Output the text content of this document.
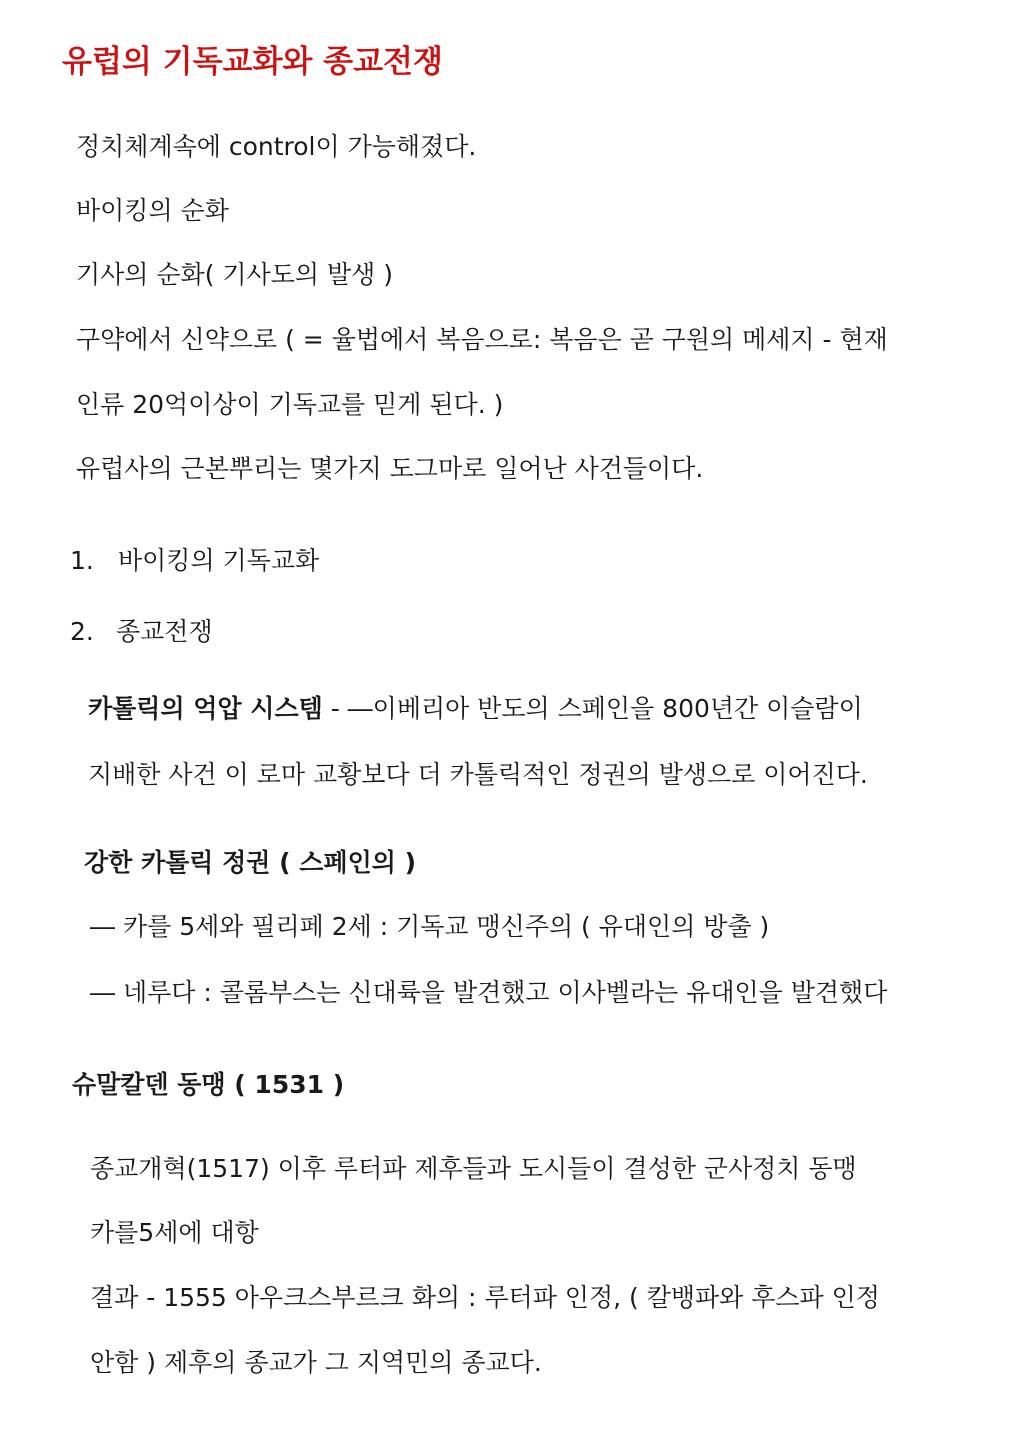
유럽의 기독교화와 종교전쟁
정치체계속에 control이 가능해졌다.
바이킹의 순화
기사의 순화( 기사도의 발생 )
구약에서 신약으로 ( = 율법에서 복음으로: 복음은 곧 구원의 메세지 - 현재
인류 20억이상이 기독교를 믿게 된다. )
유럽사의 근본뿌리는 몇가지 도그마로 일어난 사건들이다.
1. 바이킹의 기독교화
2. 종교전쟁
카톨릭의 억압 시스템 - ―이베리아 반도의 스페인을 800년간 이슬람이
지배한 사건 이 로마 교황보다 더 카톨릭적인 정권의 발생으로 이어진다.
강한 카톨릭 정권 ( 스페인의 )
― 카를 5세와 필리페 2세 : 기독교 맹신주의 ( 유대인의 방출 )
― 네루다 : 콜롬부스는 신대륙을 발견했고 이사벨라는 유대인을 발견했다
슈말칼덴 동맹 ( 1531 )
종교개혁(1517) 이후 루터파 제후들과 도시들이 결성한 군사정치 동맹
카를5세에 대항
결과 - 1555 아우크스부르크 화의 : 루터파 인정, ( 칼뱅파와 후스파 인정
안함 ) 제후의 종교가 그 지역민의 종교다.
